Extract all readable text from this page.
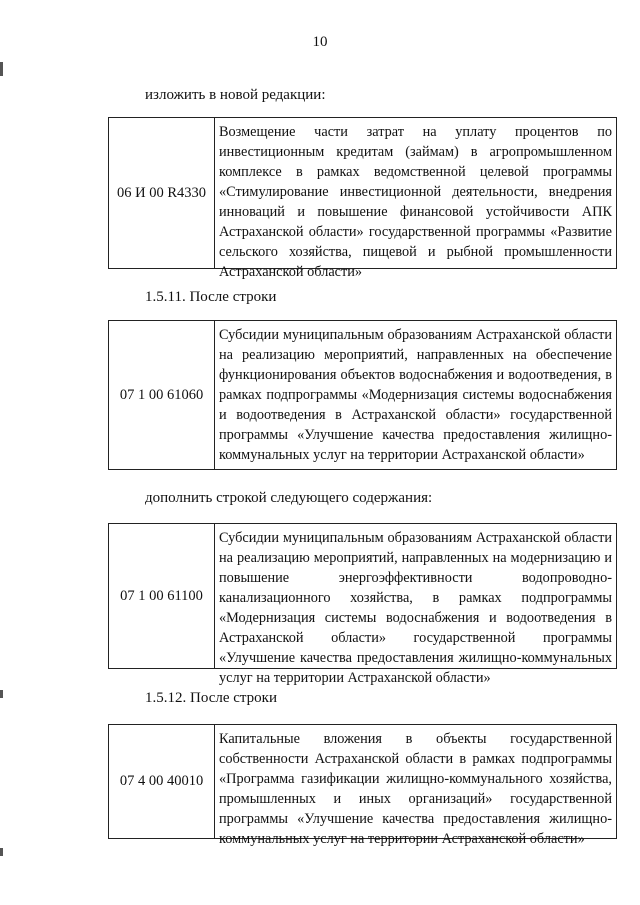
10
изложить в новой редакции:
06 И 00 R4330
Возмещение части затрат на уплату процентов по инвестиционным кредитам (займам) в агропромышленном комплексе в рамках ведомственной целевой программы «Стимулирование инвестиционной деятельности, внедрения инноваций и повышение финансовой устойчивости АПК Астраханской области» государственной программы «Развитие сельского хозяйства, пищевой и рыбной промышленности Астраханской области»
1.5.11. После строки
07 1 00 61060
Субсидии муниципальным образованиям Астраханской области на реализацию мероприятий, направленных на обеспечение функционирования объектов водоснабжения и водоотведения, в рамках подпрограммы «Модернизация системы водоснабжения и водоотведения в Астраханской области» государственной программы «Улучшение качества предоставления жилищно-коммунальных услуг на территории Астраханской области»
дополнить строкой следующего содержания:
07 1 00 61100
Субсидии муниципальным образованиям Астраханской области на реализацию мероприятий, направленных на модернизацию и повышение энергоэффективности водопроводно-канализационного хозяйства, в рамках подпрограммы «Модернизация системы водоснабжения и водоотведения в Астраханской области» государственной программы «Улучшение качества предоставления жилищно-коммунальных услуг на территории Астраханской области»
1.5.12. После строки
07 4 00 40010
Капитальные вложения в объекты государственной собственности Астраханской области в рамках подпрограммы «Программа газификации жилищно-коммунального хозяйства, промышленных и иных организаций» государственной программы «Улучшение качества предоставления жилищно-коммунальных услуг на территории Астраханской области»
